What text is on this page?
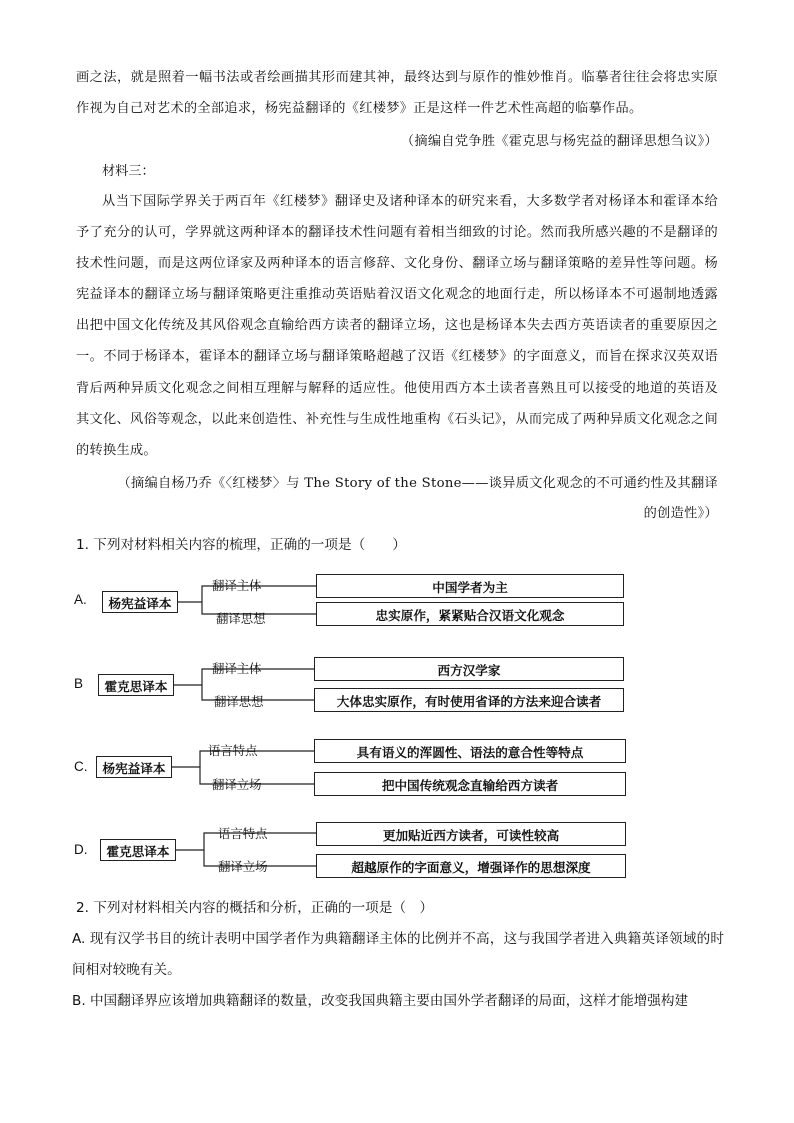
画之法，就是照着一幅书法或者绘画描其形而建其神，最终达到与原作的惟妙惟肖。临摹者往往会将忠实原作视为自己对艺术的全部追求，杨宪益翻译的《红楼梦》正是这样一件艺术性高超的临摹作品。

（摘编自党争胜《霍克思与杨宪益的翻译思想刍议》）

材料三：

从当下国际学界关于两百年《红楼梦》翻译史及诸种译本的研究来看，大多数学者对杨译本和霍译本给予了充分的认可，学界就这两种译本的翻译技术性问题有着相当细致的讨论。然而我所感兴趣的不是翻译的技术性问题，而是这两位译家及两种译本的语言修辞、文化身份、翻译立场与翻译策略的差异性等问题。杨宪益译本的翻译立场与翻译策略更注重推动英语贴着汉语文化观念的地面行走，所以杨译本不可遏制地透露出把中国文化传统及其风俗观念直输给西方读者的翻译立场，这也是杨译本失去西方英语读者的重要原因之一。不同于杨译本，霍译本的翻译立场与翻译策略超越了汉语《红楼梦》的字面意义，而旨在探求汉英双语背后两种异质文化观念之间相互理解与解释的适应性。他使用西方本土读者喜熟且可以接受的地道的英语及其文化、风俗等观念，以此来创造性、补充性与生成性地重构《石头记》，从而完成了两种异质文化观念之间的转换生成。

（摘编自杨乃乔《〈红楼梦〉与 The Story of the Stone——谈异质文化观念的不可通约性及其翻译

的创造性》）

1. 下列对材料相关内容的梳理，正确的一项是（　　）

A.	杨宪益译本
翻译主体
翻译思想
中国学者为主
忠实原作，紧紧贴合汉语文化观念
B	霍克思译本
翻译主体
翻译思想
西方汉学家
大体忠实原作，有时使用省译的方法来迎合读者
C.	杨宪益译本
语言特点
翻译立场
具有语义的浑圆性、语法的意合性等特点
把中国传统观念直输给西方读者
D.	霍克思译本
语言特点
翻译立场
更加贴近西方读者，可读性较高
超越原作的字面意义，增强译作的思想深度

2. 下列对材料相关内容的概括和分析，正确的一项是（　）

A. 现有汉学书目的统计表明中国学者作为典籍翻译主体的比例并不高，这与我国学者进入典籍英译领域的时间相对较晚有关。

B. 中国翻译界应该增加典籍翻译的数量，改变我国典籍主要由国外学者翻译的局面，这样才能增强构建
